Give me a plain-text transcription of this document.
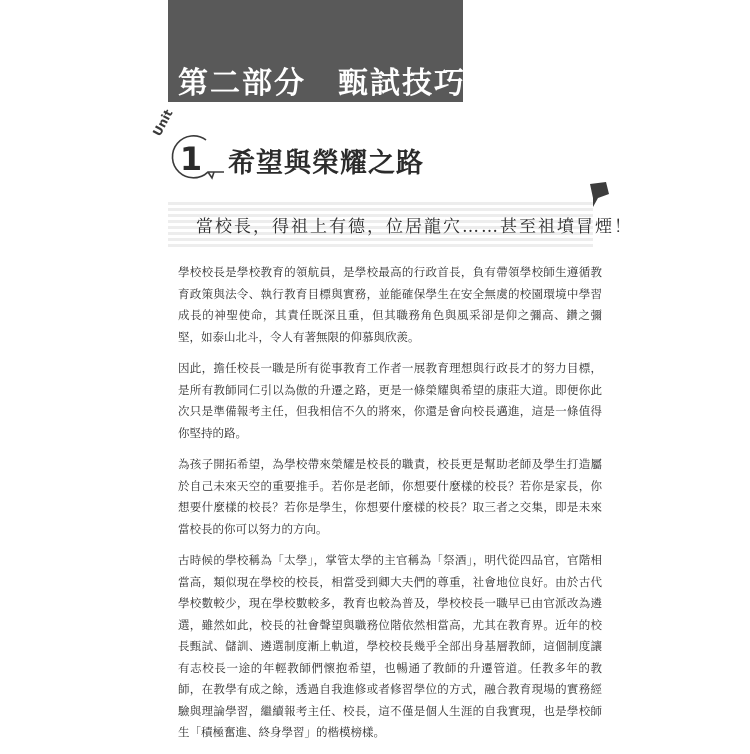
第二部分　甄試技巧
Unit
1 希望與榮耀之路
當校長，得祖上有德，位居龍穴……甚至祖墳冒煙！

學校校長是學校教育的領航員，是學校最高的行政首長，負有帶領學校師生遵循教育政策與法令、執行教育目標與實務，並能確保學生在安全無虞的校園環境中學習成長的神聖使命，其責任既深且重，但其職務角色與風采卻是仰之彌高、鑽之彌堅，如泰山北斗，令人有著無限的仰慕與欣羨。

因此，擔任校長一職是所有從事教育工作者一展教育理想與行政長才的努力目標，是所有教師同仁引以為傲的升遷之路，更是一條榮耀與希望的康莊大道。即便你此次只是準備報考主任，但我相信不久的將來，你還是會向校長邁進，這是一條值得你堅持的路。

為孩子開拓希望，為學校帶來榮耀是校長的職責，校長更是幫助老師及學生打造屬於自己未來天空的重要推手。若你是老師，你想要什麼樣的校長？若你是家長，你想要什麼樣的校長？若你是學生，你想要什麼樣的校長？取三者之交集，即是未來當校長的你可以努力的方向。

古時候的學校稱為「太學」，掌管太學的主官稱為「祭酒」，明代從四品官，官階相當高，類似現在學校的校長，相當受到卿大夫們的尊重，社會地位良好。由於古代學校數較少，現在學校數較多，教育也較為普及，學校校長一職早已由官派改為遴選，雖然如此，校長的社會聲望與職務位階依然相當高，尤其在教育界。近年的校長甄試、儲訓、遴選制度漸上軌道，學校校長幾乎全部出身基層教師，這個制度讓有志校長一途的年輕教師們懷抱希望，也暢通了教師的升遷管道。任教多年的教師，在教學有成之餘，透過自我進修或者修習學位的方式，融合教育現場的實務經驗與理論學習，繼續報考主任、校長，這不僅是個人生涯的自我實現，也是學校師生「積極奮進、終身學習」的楷模榜樣。
